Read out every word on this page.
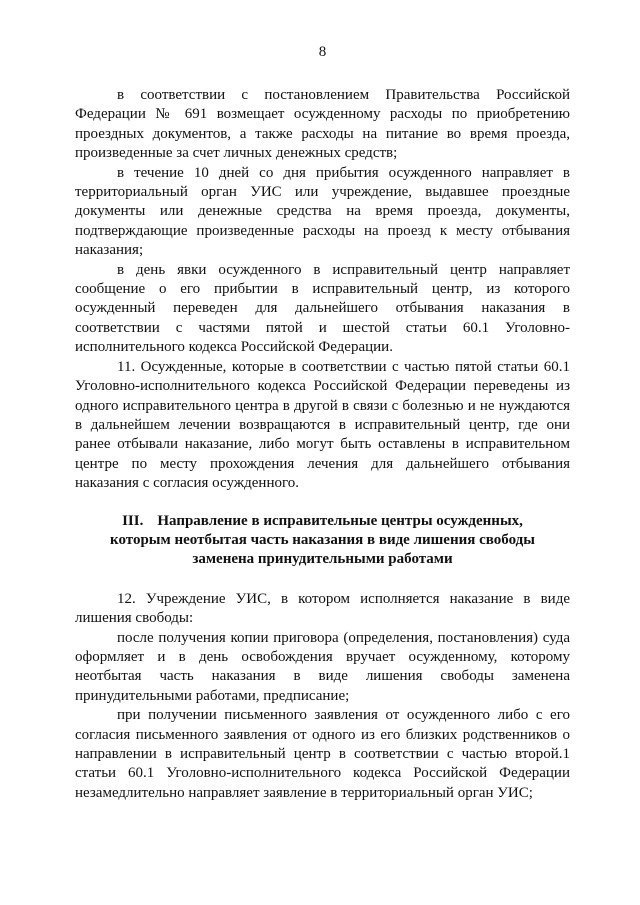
8

в соответствии с постановлением Правительства Российской Федерации № 691 возмещает осужденному расходы по приобретению проездных документов, а также расходы на питание во время проезда, произведенные за счет личных денежных средств;

в течение 10 дней со дня прибытия осужденного направляет в территориальный орган УИС или учреждение, выдавшее проездные документы или денежные средства на время проезда, документы, подтверждающие произведенные расходы на проезд к месту отбывания наказания;

в день явки осужденного в исправительный центр направляет сообщение о его прибытии в исправительный центр, из которого осужденный переведен для дальнейшего отбывания наказания в соответствии с частями пятой и шестой статьи 60.1 Уголовно-исполнительного кодекса Российской Федерации.

11. Осужденные, которые в соответствии с частью пятой статьи 60.1 Уголовно-исполнительного кодекса Российской Федерации переведены из одного исправительного центра в другой в связи с болезнью и не нуждаются в дальнейшем лечении возвращаются в исправительный центр, где они ранее отбывали наказание, либо могут быть оставлены в исправительном центре по месту прохождения лечения для дальнейшего отбывания наказания с согласия осужденного.

III. Направление в исправительные центры осужденных,
которым неотбытая часть наказания в виде лишения свободы
заменена принудительными работами

12. Учреждение УИС, в котором исполняется наказание в виде лишения свободы:

после получения копии приговора (определения, постановления) суда оформляет и в день освобождения вручает осужденному, которому неотбытая часть наказания в виде лишения свободы заменена принудительными работами, предписание;

при получении письменного заявления от осужденного либо с его согласия письменного заявления от одного из его близких родственников о направлении в исправительный центр в соответствии с частью второй.1 статьи 60.1 Уголовно-исполнительного кодекса Российской Федерации незамедлительно направляет заявление в территориальный орган УИС;
